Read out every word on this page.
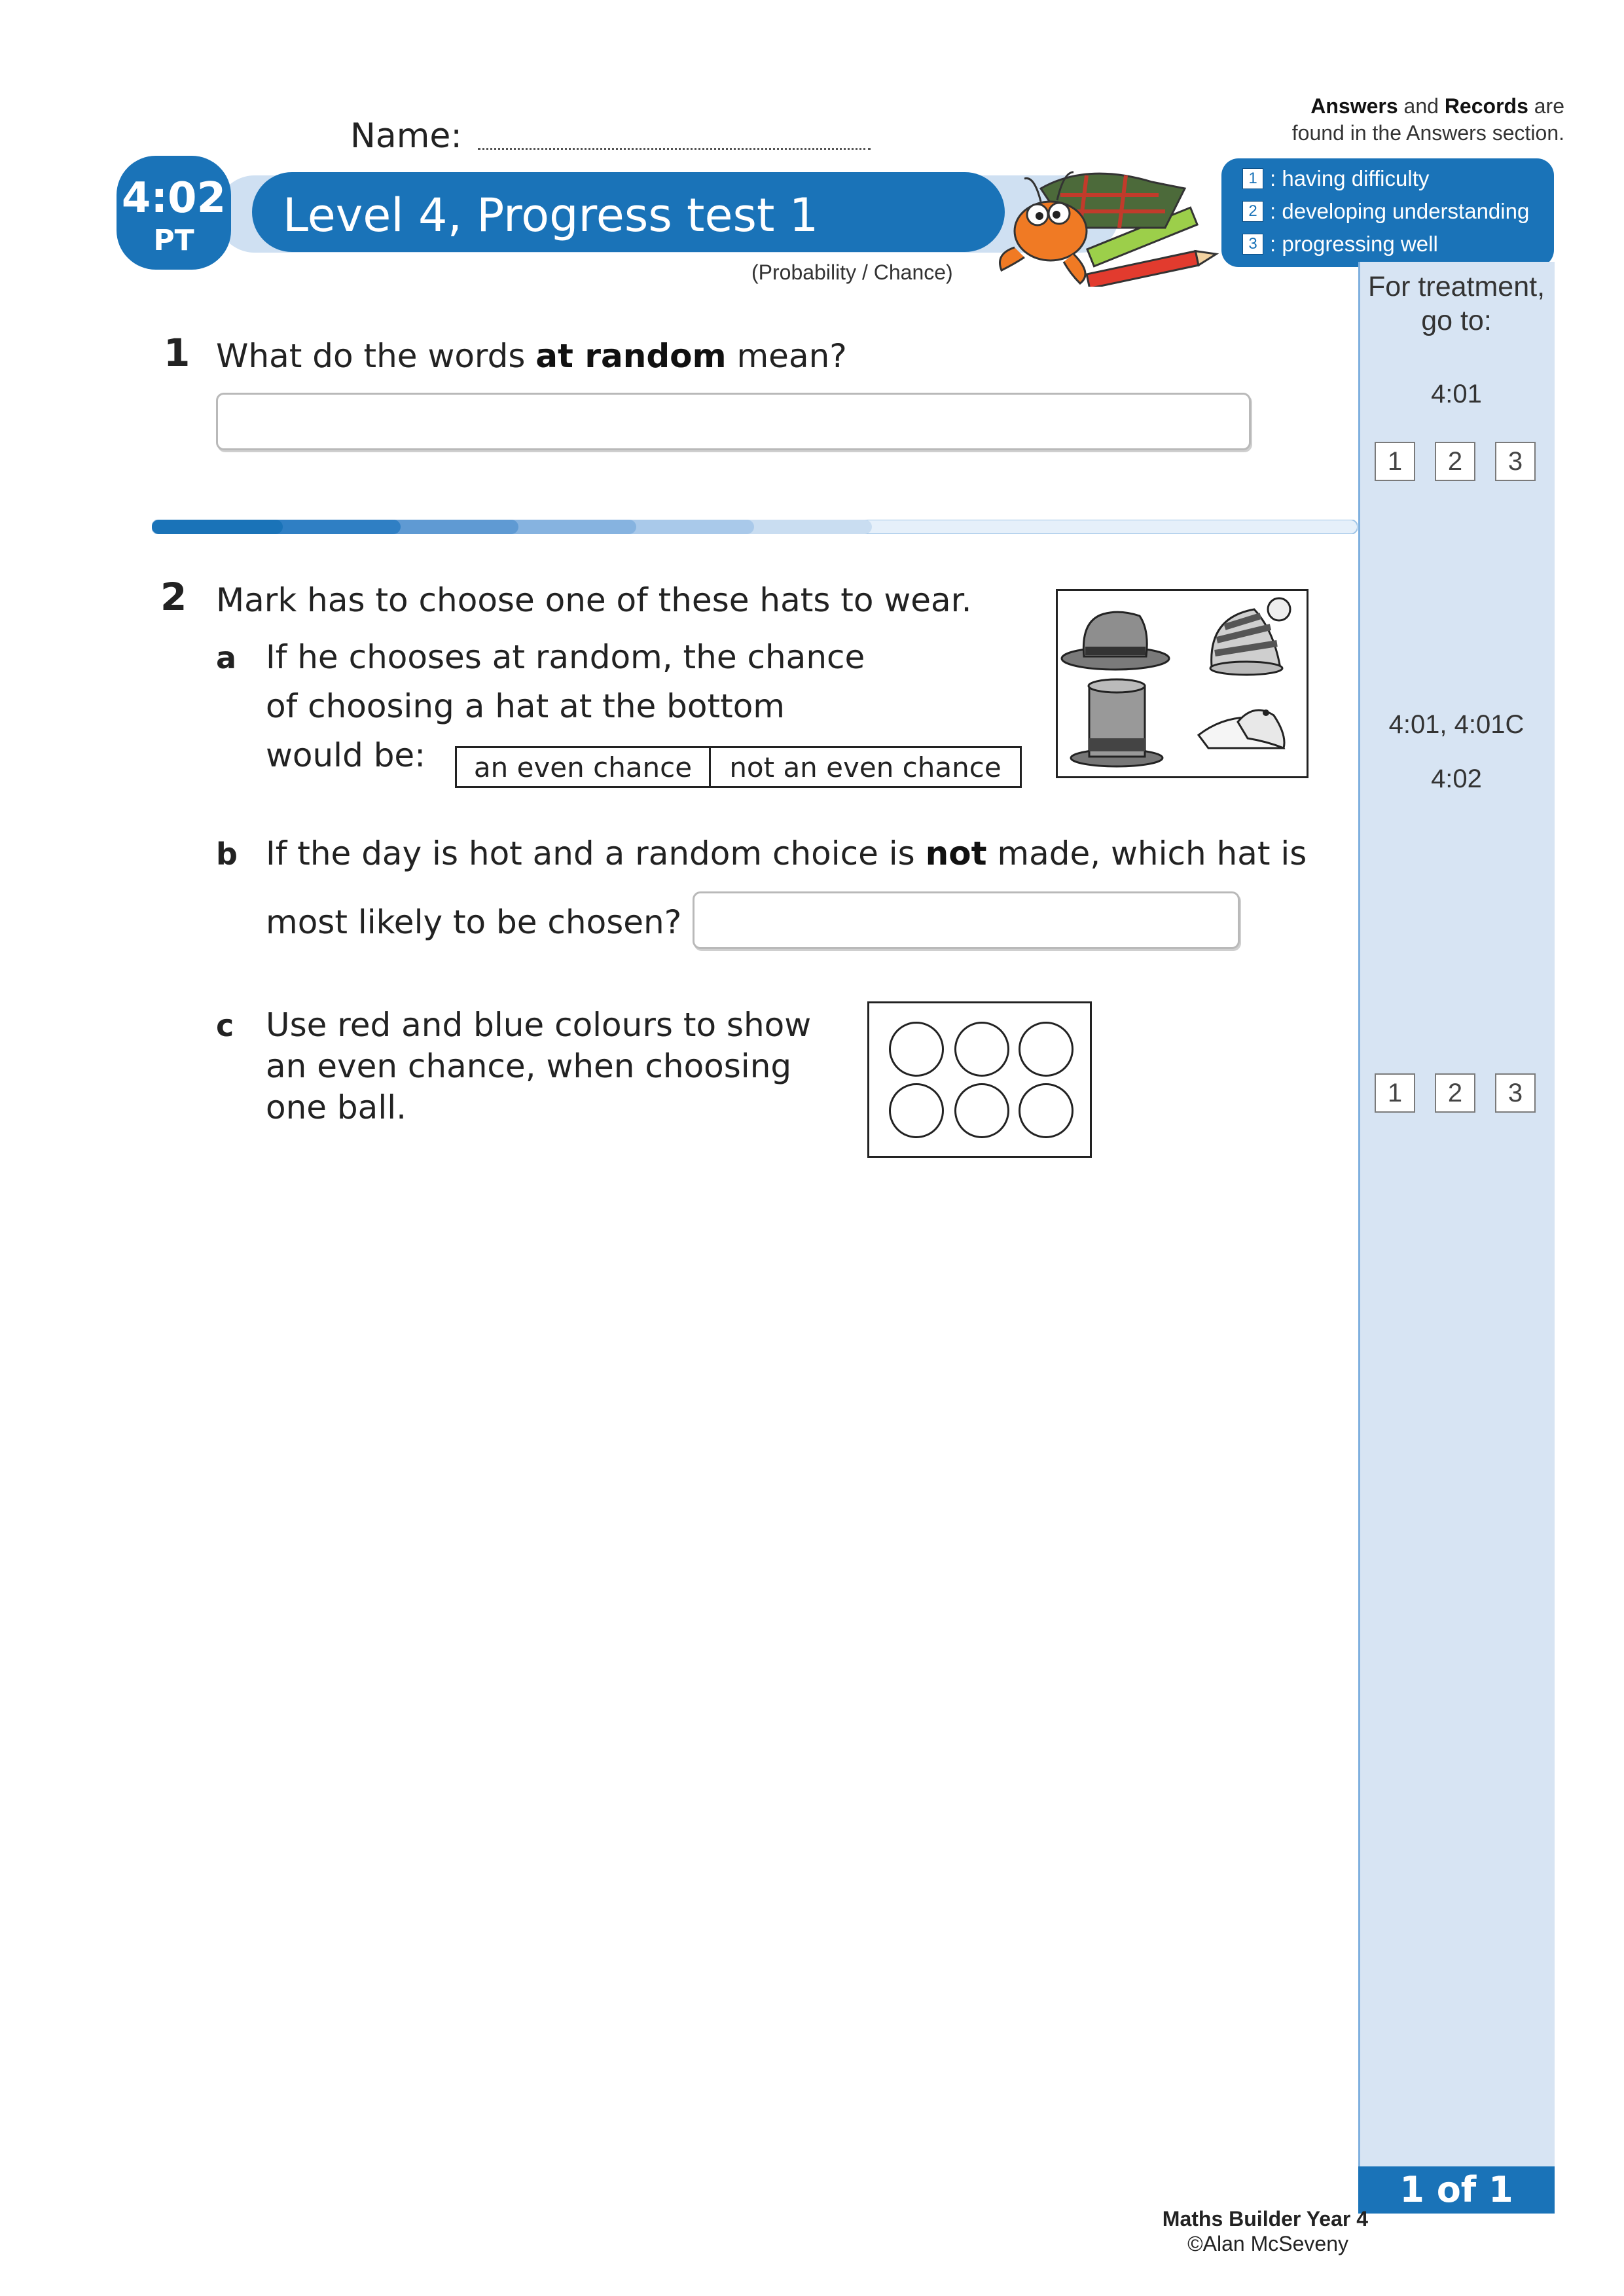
Name:
Answers and Records are
found in the Answers section.
4:02
PT	Level 4, Progress test 1
(Probability / Chance)
1 : having difficulty
2 : developing understanding
3 : progressing well
For treatment,
go to:
4:01
1	2	3
4:01, 4:01C
4:02
1	2	3
1 of 1
1 What do the words at random mean?
2 Mark has to choose one of these hats to wear.
a If he chooses at random, the chance
of choosing a hat at the bottom
would be:	an even chance	not an even chance
b If the day is hot and a random choice is not made, which hat is
most likely to be chosen?
c Use red and blue colours to show
an even chance, when choosing
one ball.
Maths Builder Year 4
©Alan McSeveny
